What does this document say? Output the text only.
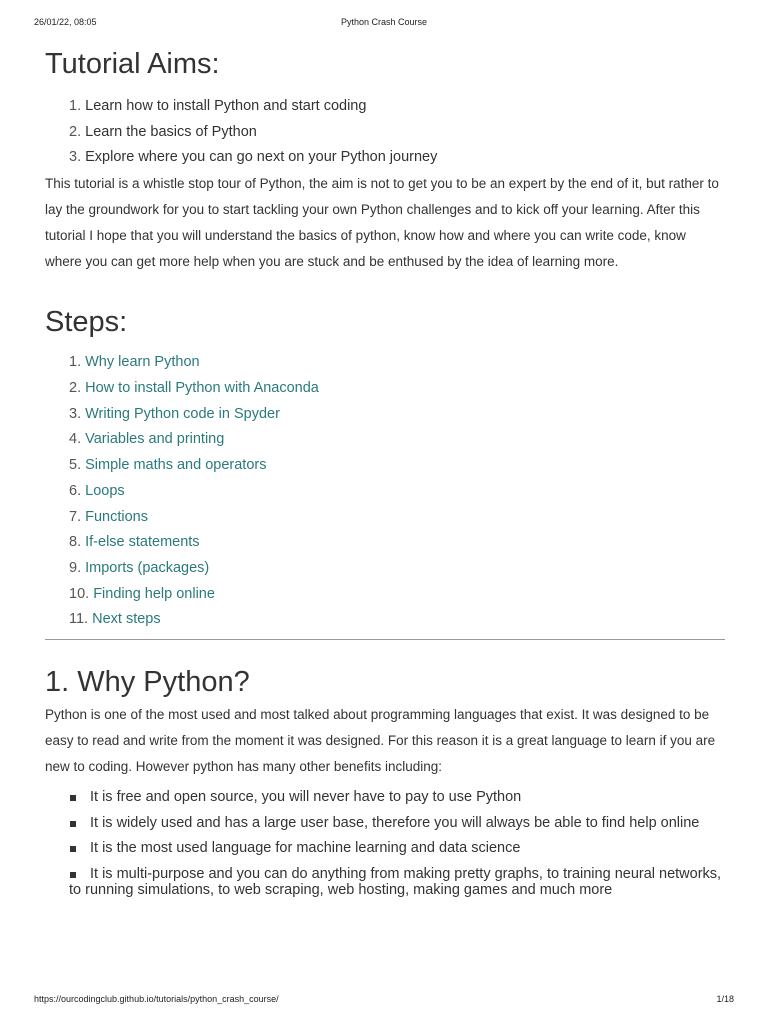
26/01/22, 08:05	Python Crash Course
Tutorial Aims:
1. Learn how to install Python and start coding
2. Learn the basics of Python
3. Explore where you can go next on your Python journey

This tutorial is a whistle stop tour of Python, the aim is not to get you to be an expert by the end of it, but rather to lay the groundwork for you to start tackling your own Python challenges and to kick off your learning. After this tutorial I hope that you will understand the basics of python, know how and where you can write code, know where you can get more help when you are stuck and be enthused by the idea of learning more.

Steps:
1. Why learn Python
2. How to install Python with Anaconda
3. Writing Python code in Spyder
4. Variables and printing
5. Simple maths and operators
6. Loops
7. Functions
8. If-else statements
9. Imports (packages)
10. Finding help online
11. Next steps
1. Why Python?

Python is one of the most used and most talked about programming languages that exist. It was designed to be easy to read and write from the moment it was designed. For this reason it is a great language to learn if you are new to coding. However python has many other benefits including:

It is free and open source, you will never have to pay to use Python
It is widely used and has a large user base, therefore you will always be able to find help online
It is the most used language for machine learning and data science
It is multi-purpose and you can do anything from making pretty graphs, to training neural networks, to running simulations, to web scraping, web hosting, making games and much more
https://ourcodingclub.github.io/tutorials/python_crash_course/	1/18
